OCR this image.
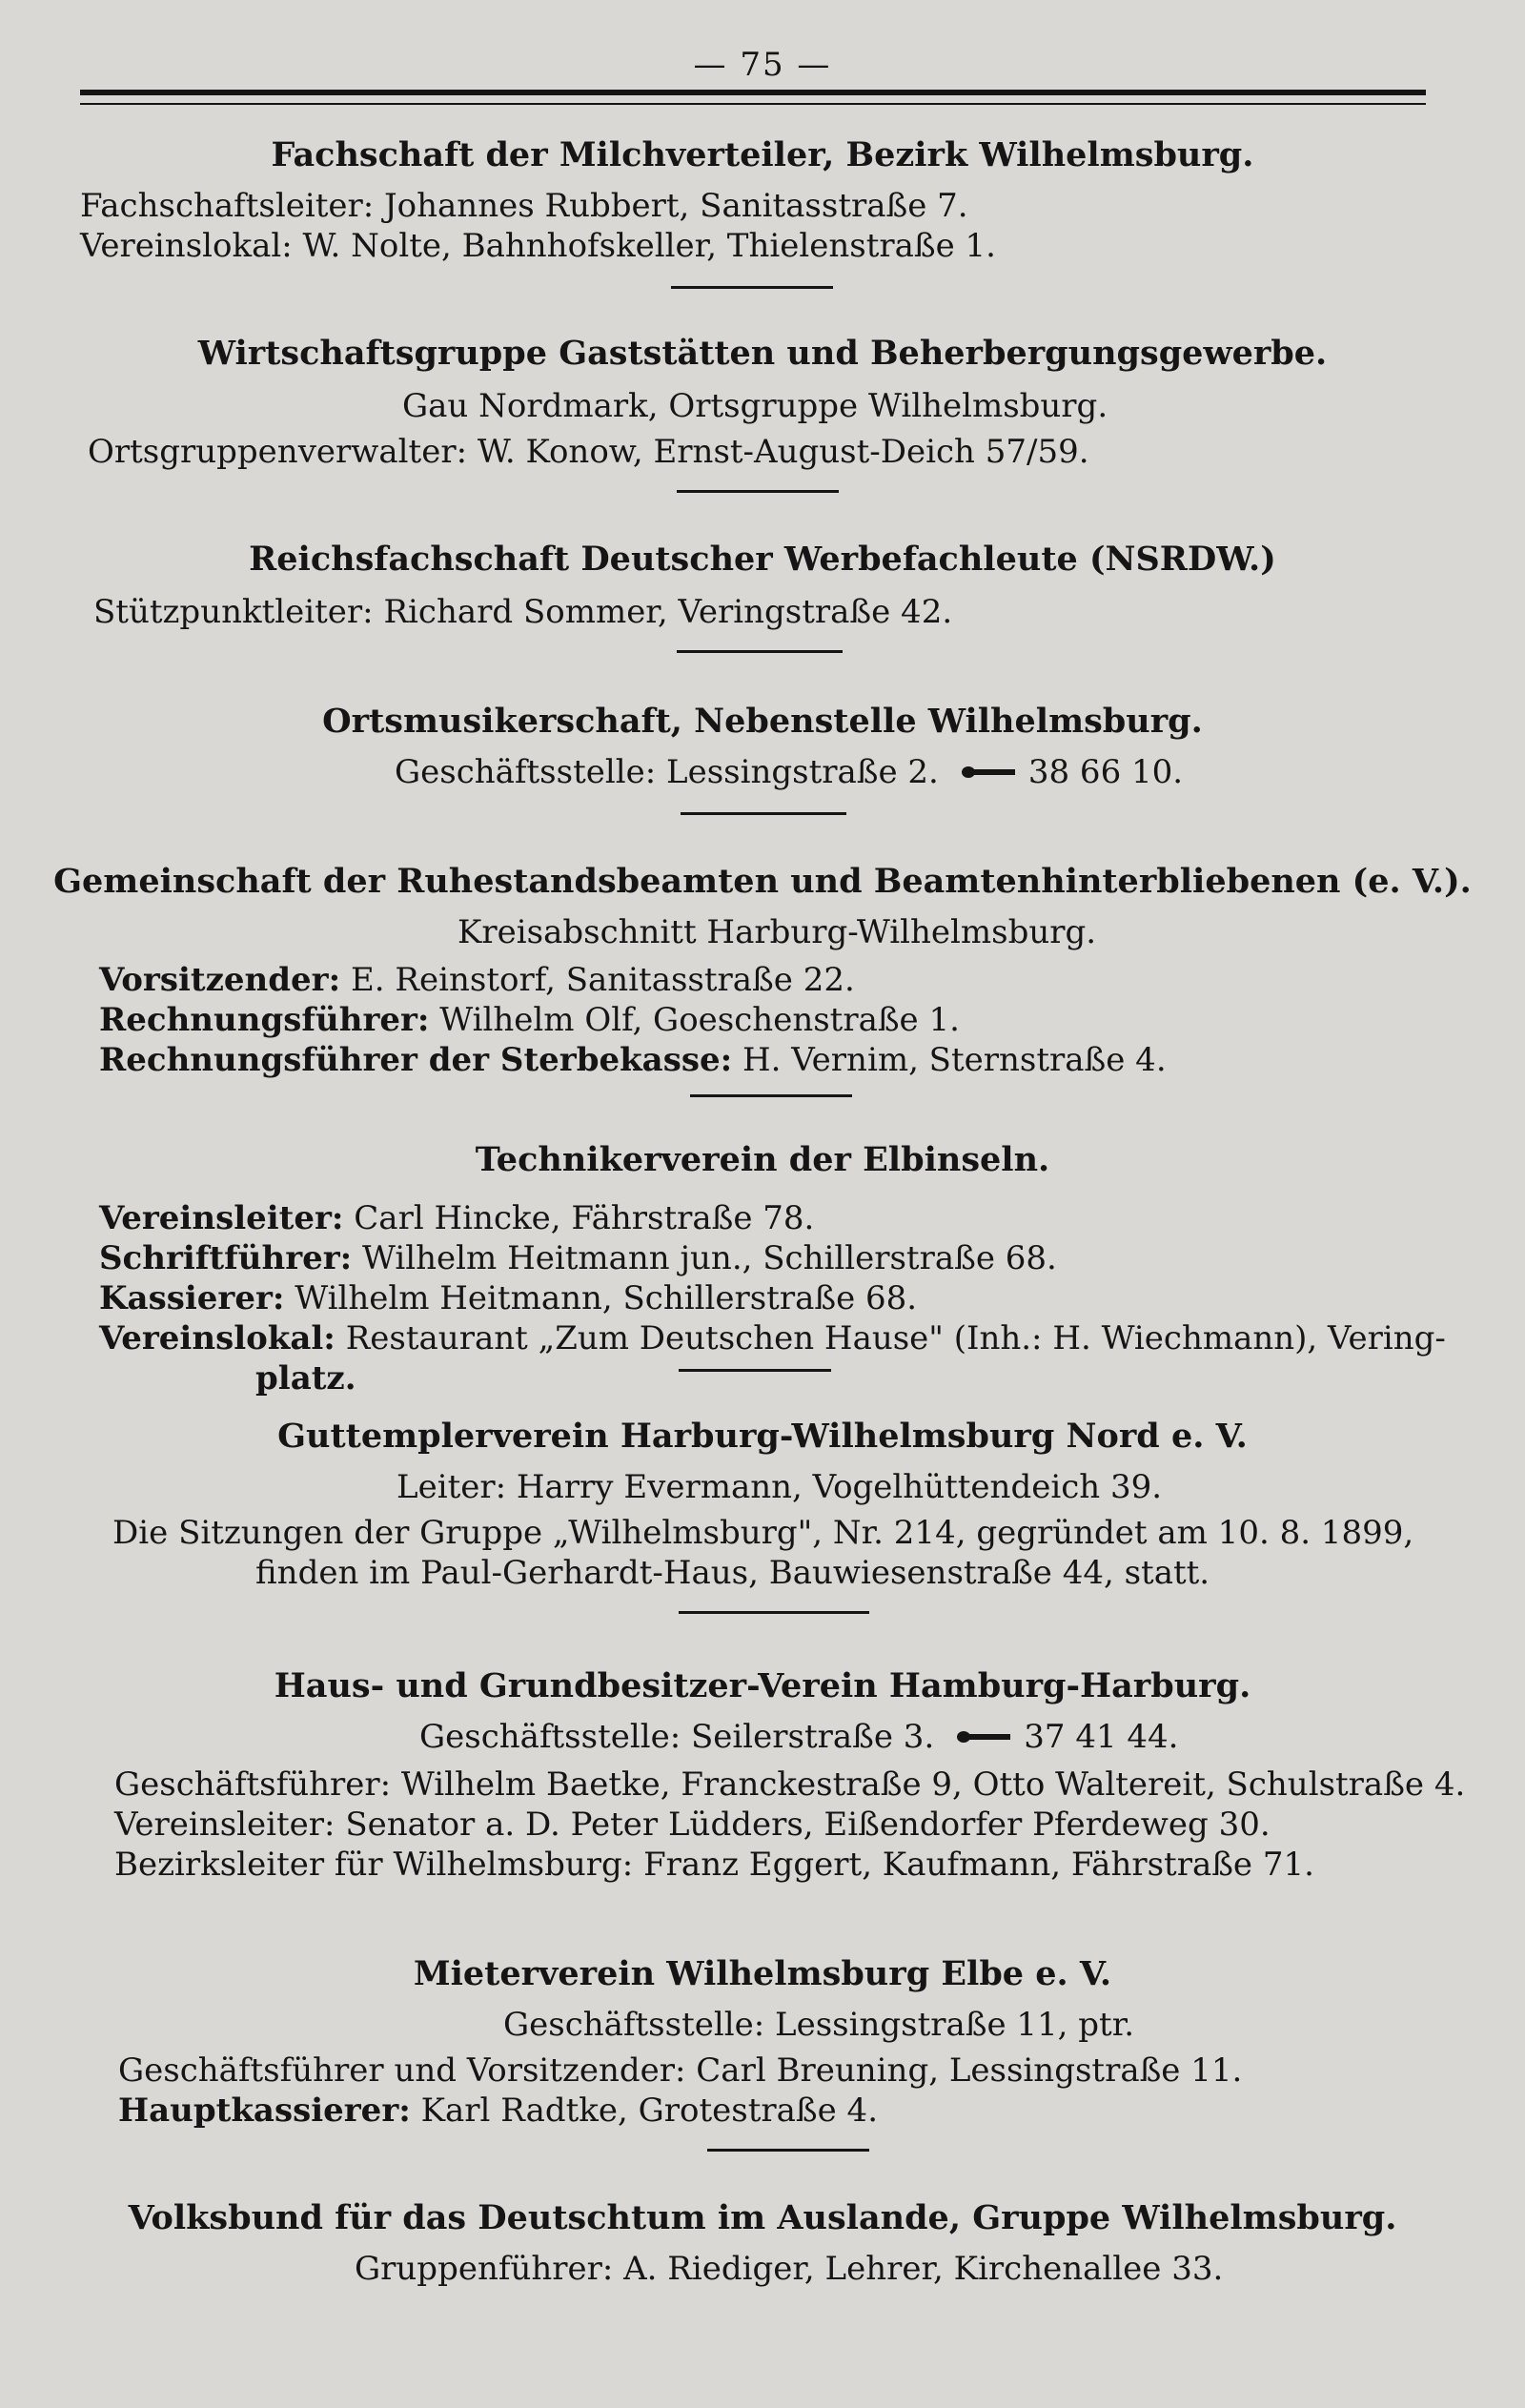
— 75 —
Fachschaft der Milchverteiler, Bezirk Wilhelmsburg.
Fachschaftsleiter: Johannes Rubbert, Sanitasstraße 7.
Vereinslokal: W. Nolte, Bahnhofskeller, Thielenstraße 1.
Wirtschaftsgruppe Gaststätten und Beherbergungsgewerbe.
Gau Nordmark, Ortsgruppe Wilhelmsburg.
Ortsgruppenverwalter: W. Konow, Ernst-August-Deich 57/59.
Reichsfachschaft Deutscher Werbefachleute (NSRDW.)
Stützpunktleiter: Richard Sommer, Veringstraße 42.
Ortsmusikerschaft, Nebenstelle Wilhelmsburg.
Geschäftsstelle: Lessingstraße 2.	38 66 10.
Gemeinschaft der Ruhestandsbeamten und Beamtenhinterbliebenen (e. V.).
Kreisabschnitt Harburg-Wilhelmsburg.
Vorsitzender: E. Reinstorf, Sanitasstraße 22.
Rechnungsführer: Wilhelm Olf, Goeschenstraße 1.
Rechnungsführer der Sterbekasse: H. Vernim, Sternstraße 4.
Technikerverein der Elbinseln.
Vereinsleiter: Carl Hincke, Fährstraße 78.
Schriftführer: Wilhelm Heitmann jun., Schillerstraße 68.
Kassierer: Wilhelm Heitmann, Schillerstraße 68.
Vereinslokal: Restaurant „Zum Deutschen Hause" (Inh.: H. Wiechmann), Vering-
platz.
Guttemplerverein Harburg-Wilhelmsburg Nord e. V.
Leiter: Harry Evermann, Vogelhüttendeich 39.
Die Sitzungen der Gruppe „Wilhelmsburg", Nr. 214, gegründet am 10. 8. 1899,
finden im Paul-Gerhardt-Haus, Bauwiesenstraße 44, statt.
Haus- und Grundbesitzer-Verein Hamburg-Harburg.
Geschäftsstelle: Seilerstraße 3.	37 41 44.
Geschäftsführer: Wilhelm Baetke, Franckestraße 9, Otto Waltereit, Schulstraße 4.
Vereinsleiter: Senator a. D. Peter Lüdders, Eißendorfer Pferdeweg 30.
Bezirksleiter für Wilhelmsburg: Franz Eggert, Kaufmann, Fährstraße 71.
Mieterverein Wilhelmsburg Elbe e. V.
Geschäftsstelle: Lessingstraße 11, ptr.
Geschäftsführer und Vorsitzender: Carl Breuning, Lessingstraße 11.
Hauptkassierer: Karl Radtke, Grotestraße 4.
Volksbund für das Deutschtum im Auslande, Gruppe Wilhelmsburg.
Gruppenführer: A. Riediger, Lehrer, Kirchenallee 33.
